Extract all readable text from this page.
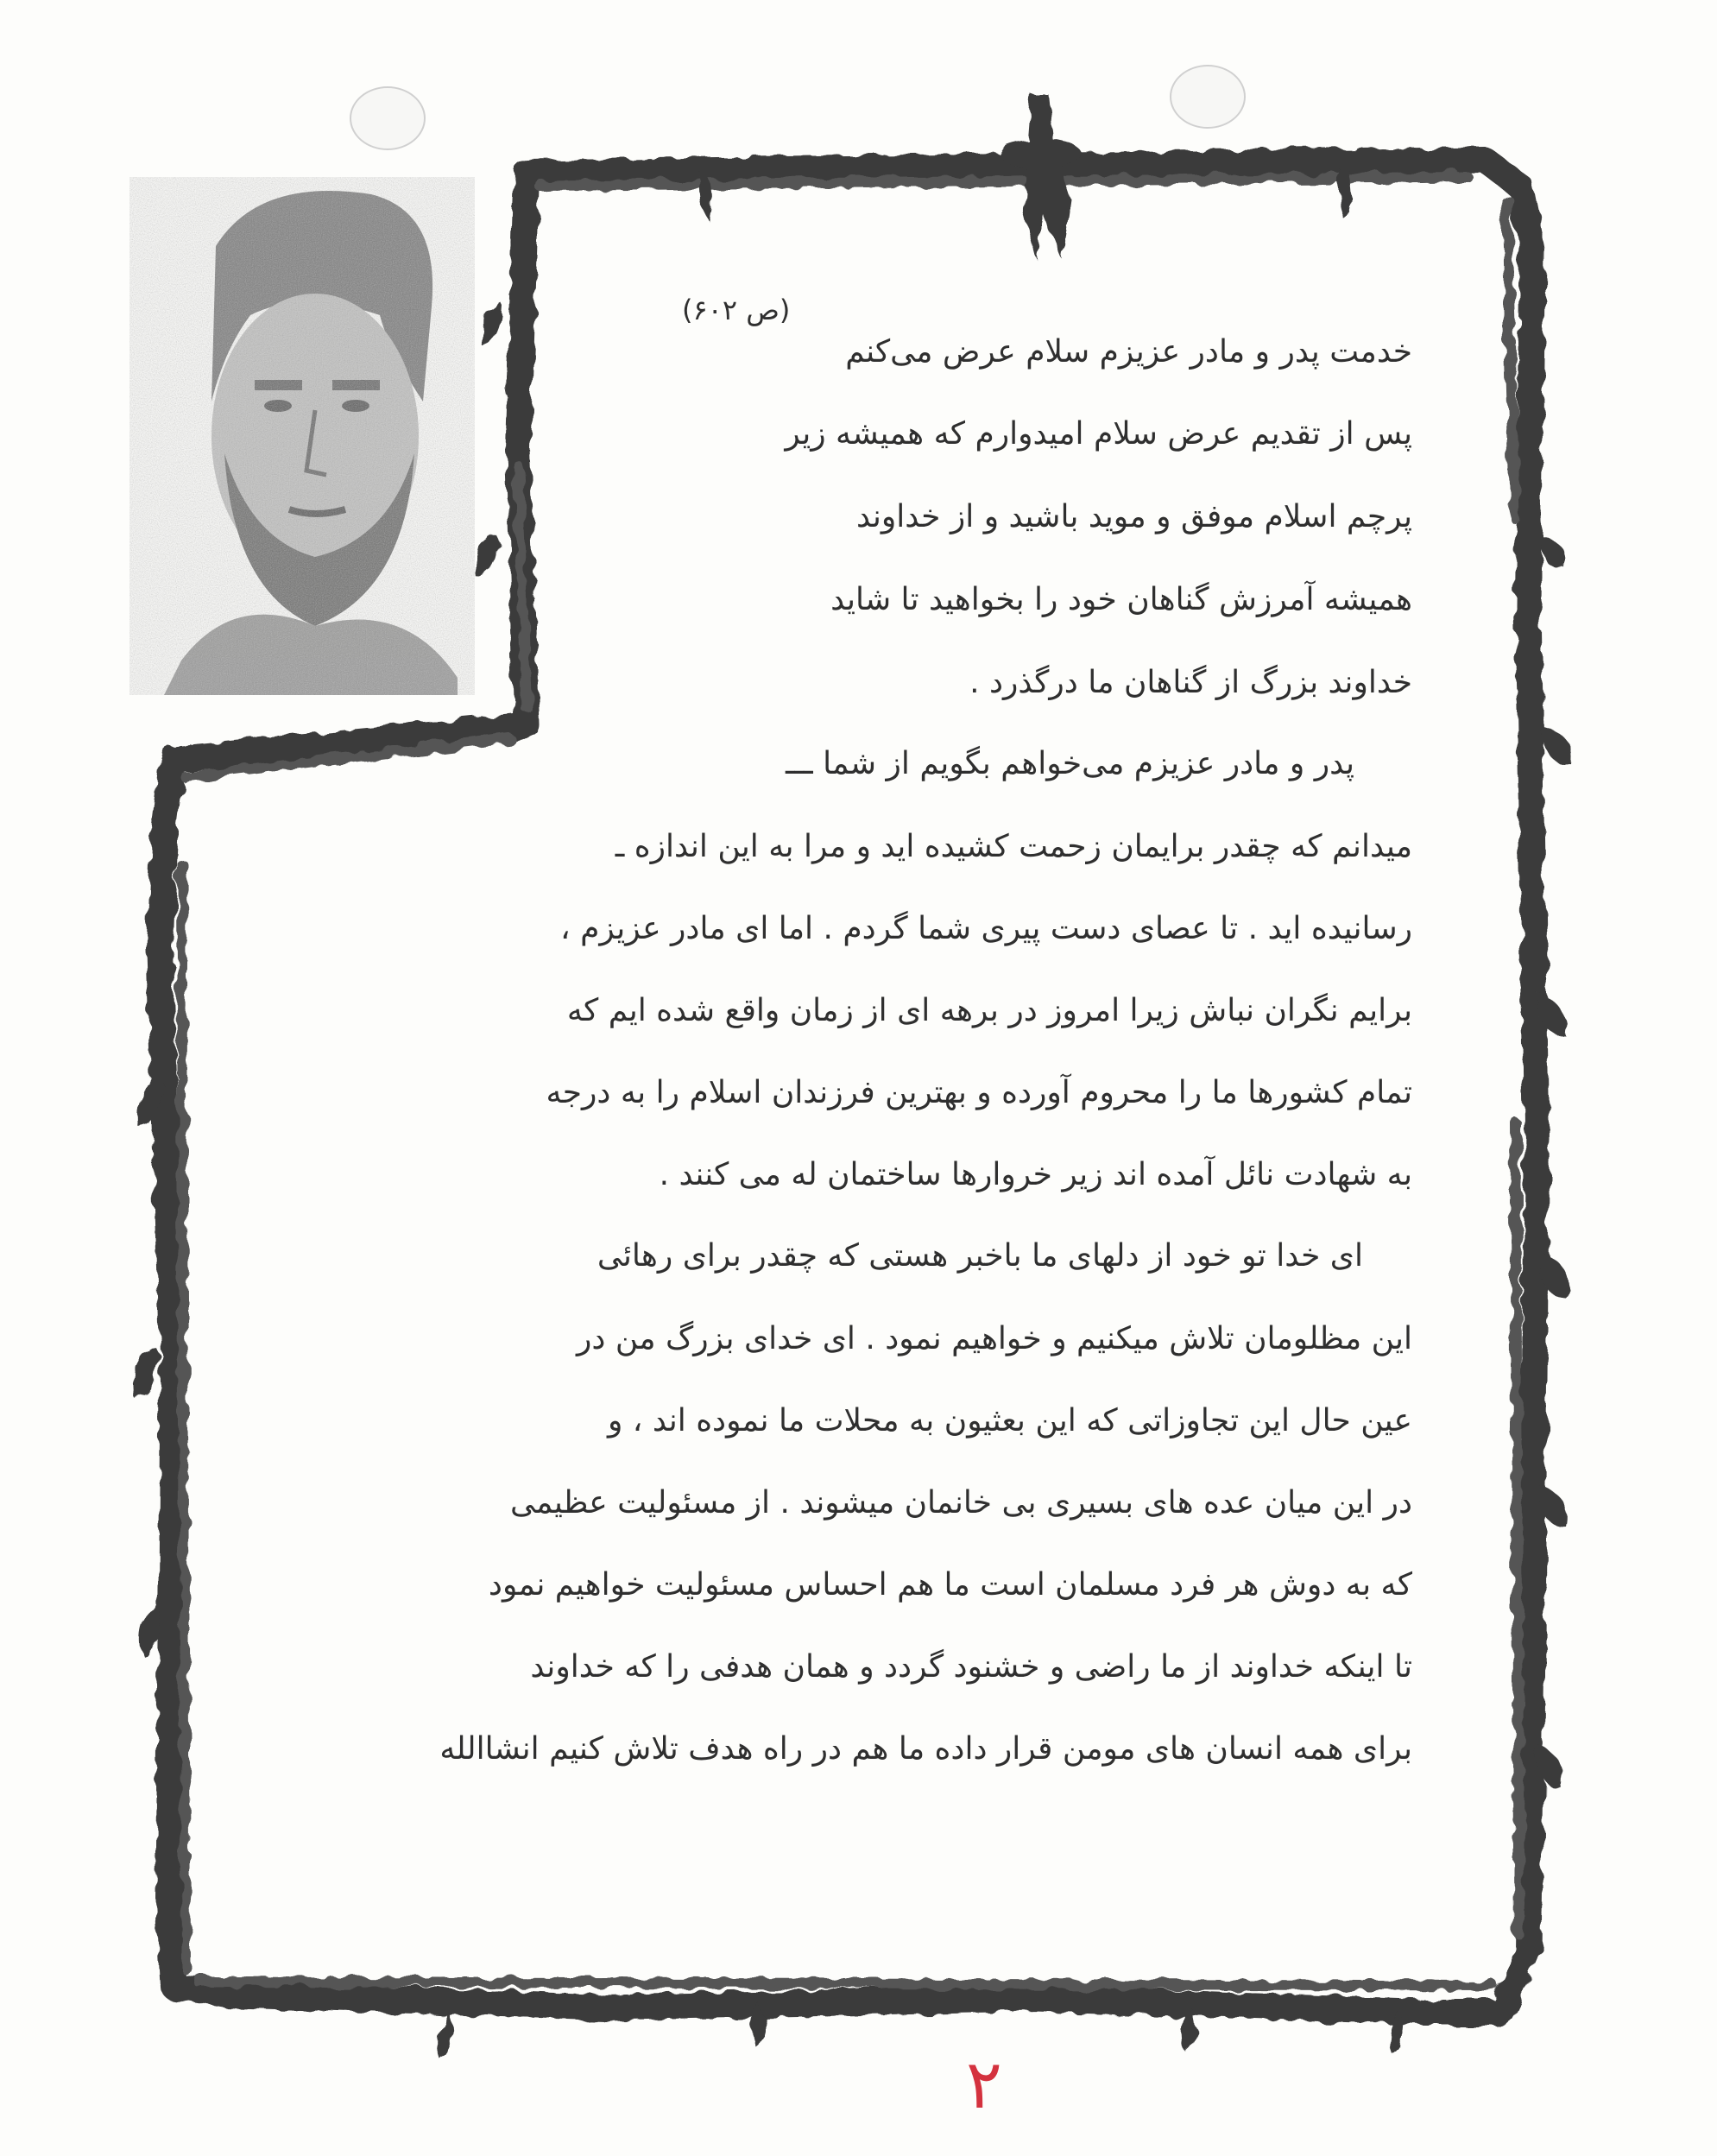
(ص ۶۰۲)
خدمت پدر و مادر عزیزم سلام عرض می‌کنم
پس از تقدیم عرض سلام امیدوارم که همیشه زیر
پرچم اسلام موفق و موید باشید و از خداوند
همیشه آمرزش گناهان خود را بخواهید تا شاید
خداوند بزرگ از گناهان ما درگذرد .
پدر و مادر عزیزم می‌خواهم بگویم از شما ـــ
میدانم که چقدر برایمان زحمت کشیده اید و مرا به این اندازه ـ
رسانیده اید . تا عصای دست پیری شما گردم . اما ای مادر عزیزم ،
برایم نگران نباش زیرا امروز در برهه ای از زمان واقع شده ایم که
تمام کشورها ما را محروم آورده و بهترین فرزندان اسلام را به درجه
به شهادت نائل آمده اند زیر خروارها ساختمان له می کنند .
ای خدا تو خود از دلهای ما باخبر هستی که چقدر برای رهائی
این مظلومان تلاش میکنیم و خواهیم نمود . ای خدای بزرگ من در
عین حال این تجاوزاتی که این بعثیون به محلات ما نموده اند ، و
در این میان عده های بسیری بی خانمان میشوند . از مسئولیت عظیمی
که به دوش هر فرد مسلمان است ما هم احساس مسئولیت خواهیم نمود
تا اینکه خداوند از ما راضی و خشنود گردد و همان هدفی را که خداوند
برای همه انسان های مومن قرار داده ما هم در راه هدف تلاش کنیم انشاالله
۲
